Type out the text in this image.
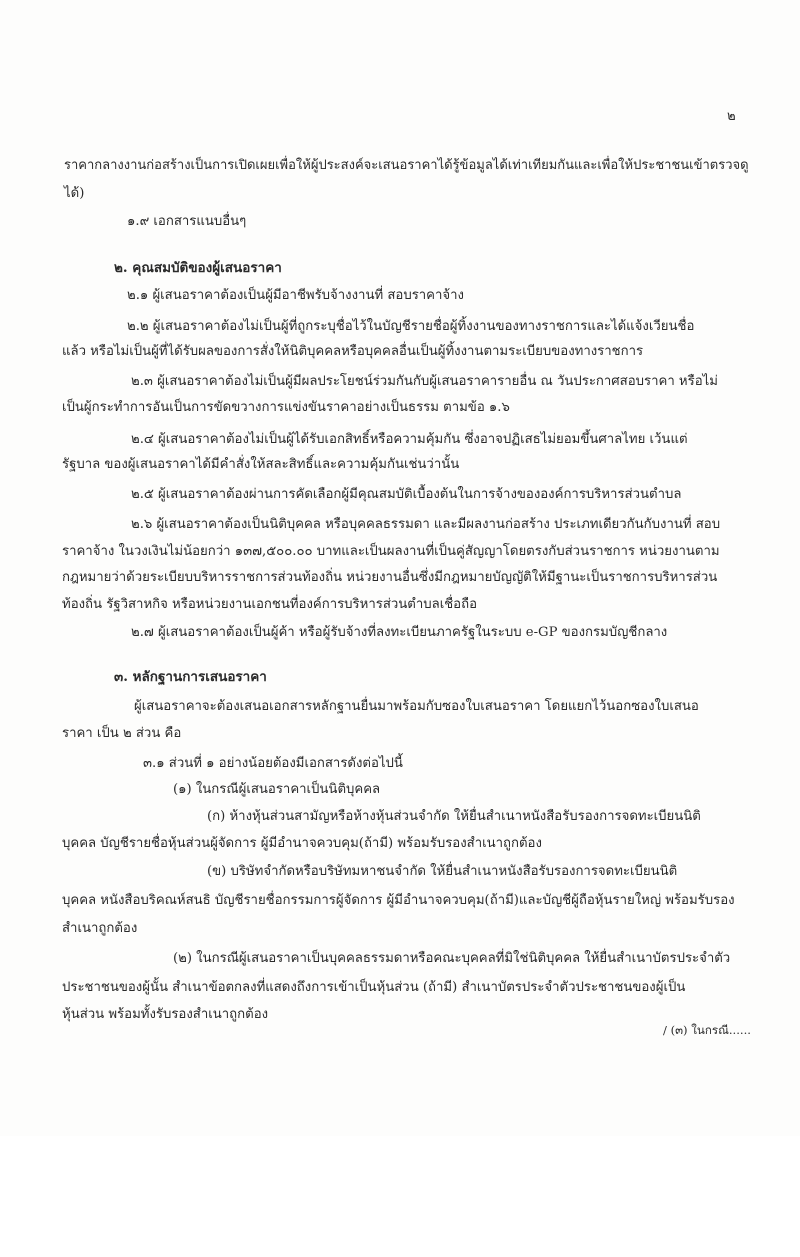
๒
ราคากลางงานก่อสร้างเป็นการเปิดเผยเพื่อให้ผู้ประสงค์จะเสนอราคาได้รู้ข้อมูลได้เท่าเทียมกันและเพื่อให้ประชาชนเข้าตรวจดู
ได้)
๑.๙ เอกสารแนบอื่นๆ
๒. คุณสมบัติของผู้เสนอราคา
๒.๑ ผู้เสนอราคาต้องเป็นผู้มีอาชีพรับจ้างงานที่ สอบราคาจ้าง
๒.๒ ผู้เสนอราคาต้องไม่เป็นผู้ที่ถูกระบุชื่อไว้ในบัญชีรายชื่อผู้ทิ้งงานของทางราชการและได้แจ้งเวียนชื่อ
แล้ว หรือไม่เป็นผู้ที่ได้รับผลของการสั่งให้นิติบุคคลหรือบุคคลอื่นเป็นผู้ทิ้งงานตามระเบียบของทางราชการ
๒.๓ ผู้เสนอราคาต้องไม่เป็นผู้มีผลประโยชน์ร่วมกันกับผู้เสนอราคารายอื่น ณ วันประกาศสอบราคา หรือไม่
เป็นผู้กระทำการอันเป็นการขัดขวางการแข่งขันราคาอย่างเป็นธรรม ตามข้อ ๑.๖
๒.๔ ผู้เสนอราคาต้องไม่เป็นผู้ได้รับเอกสิทธิ์หรือความคุ้มกัน ซึ่งอาจปฏิเสธไม่ยอมขึ้นศาลไทย เว้นแต่
รัฐบาล ของผู้เสนอราคาได้มีคำสั่งให้สละสิทธิ์และความคุ้มกันเช่นว่านั้น
๒.๕ ผู้เสนอราคาต้องผ่านการคัดเลือกผู้มีคุณสมบัติเบื้องต้นในการจ้างขององค์การบริหารส่วนตำบล
๒.๖ ผู้เสนอราคาต้องเป็นนิติบุคคล หรือบุคคลธรรมดา และมีผลงานก่อสร้าง ประเภทเดียวกันกับงานที่ สอบ
ราคาจ้าง ในวงเงินไม่น้อยกว่า ๑๓๗,๕๐๐.๐๐ บาทและเป็นผลงานที่เป็นคู่สัญญาโดยตรงกับส่วนราชการ หน่วยงานตาม
กฎหมายว่าด้วยระเบียบบริหารราชการส่วนท้องถิ่น หน่วยงานอื่นซึ่งมีกฎหมายบัญญัติให้มีฐานะเป็นราชการบริหารส่วน
ท้องถิ่น รัฐวิสาหกิจ หรือหน่วยงานเอกชนที่องค์การบริหารส่วนตำบลเชื่อถือ
๒.๗ ผู้เสนอราคาต้องเป็นผู้ค้า หรือผู้รับจ้างที่ลงทะเบียนภาครัฐในระบบ e-GP ของกรมบัญชีกลาง
๓. หลักฐานการเสนอราคา
ผู้เสนอราคาจะต้องเสนอเอกสารหลักฐานยื่นมาพร้อมกับซองใบเสนอราคา โดยแยกไว้นอกซองใบเสนอ
ราคา เป็น ๒ ส่วน คือ
๓.๑ ส่วนที่ ๑ อย่างน้อยต้องมีเอกสารดังต่อไปนี้
(๑) ในกรณีผู้เสนอราคาเป็นนิติบุคคล
(ก) ห้างหุ้นส่วนสามัญหรือห้างหุ้นส่วนจำกัด ให้ยื่นสำเนาหนังสือรับรองการจดทะเบียนนิติ
บุคคล บัญชีรายชื่อหุ้นส่วนผู้จัดการ ผู้มีอำนาจควบคุม(ถ้ามี) พร้อมรับรองสำเนาถูกต้อง
(ข) บริษัทจำกัดหรือบริษัทมหาชนจำกัด ให้ยื่นสำเนาหนังสือรับรองการจดทะเบียนนิติ
บุคคล หนังสือบริคณห์สนธิ บัญชีรายชื่อกรรมการผู้จัดการ ผู้มีอำนาจควบคุม(ถ้ามี)และบัญชีผู้ถือหุ้นรายใหญ่ พร้อมรับรอง
สำเนาถูกต้อง
(๒) ในกรณีผู้เสนอราคาเป็นบุคคลธรรมดาหรือคณะบุคคลที่มิใช่นิติบุคคล ให้ยื่นสำเนาบัตรประจำตัว
ประชาชนของผู้นั้น สำเนาข้อตกลงที่แสดงถึงการเข้าเป็นหุ้นส่วน (ถ้ามี) สำเนาบัตรประจำตัวประชาชนของผู้เป็น
หุ้นส่วน พร้อมทั้งรับรองสำเนาถูกต้อง
/ (๓) ในกรณี......
